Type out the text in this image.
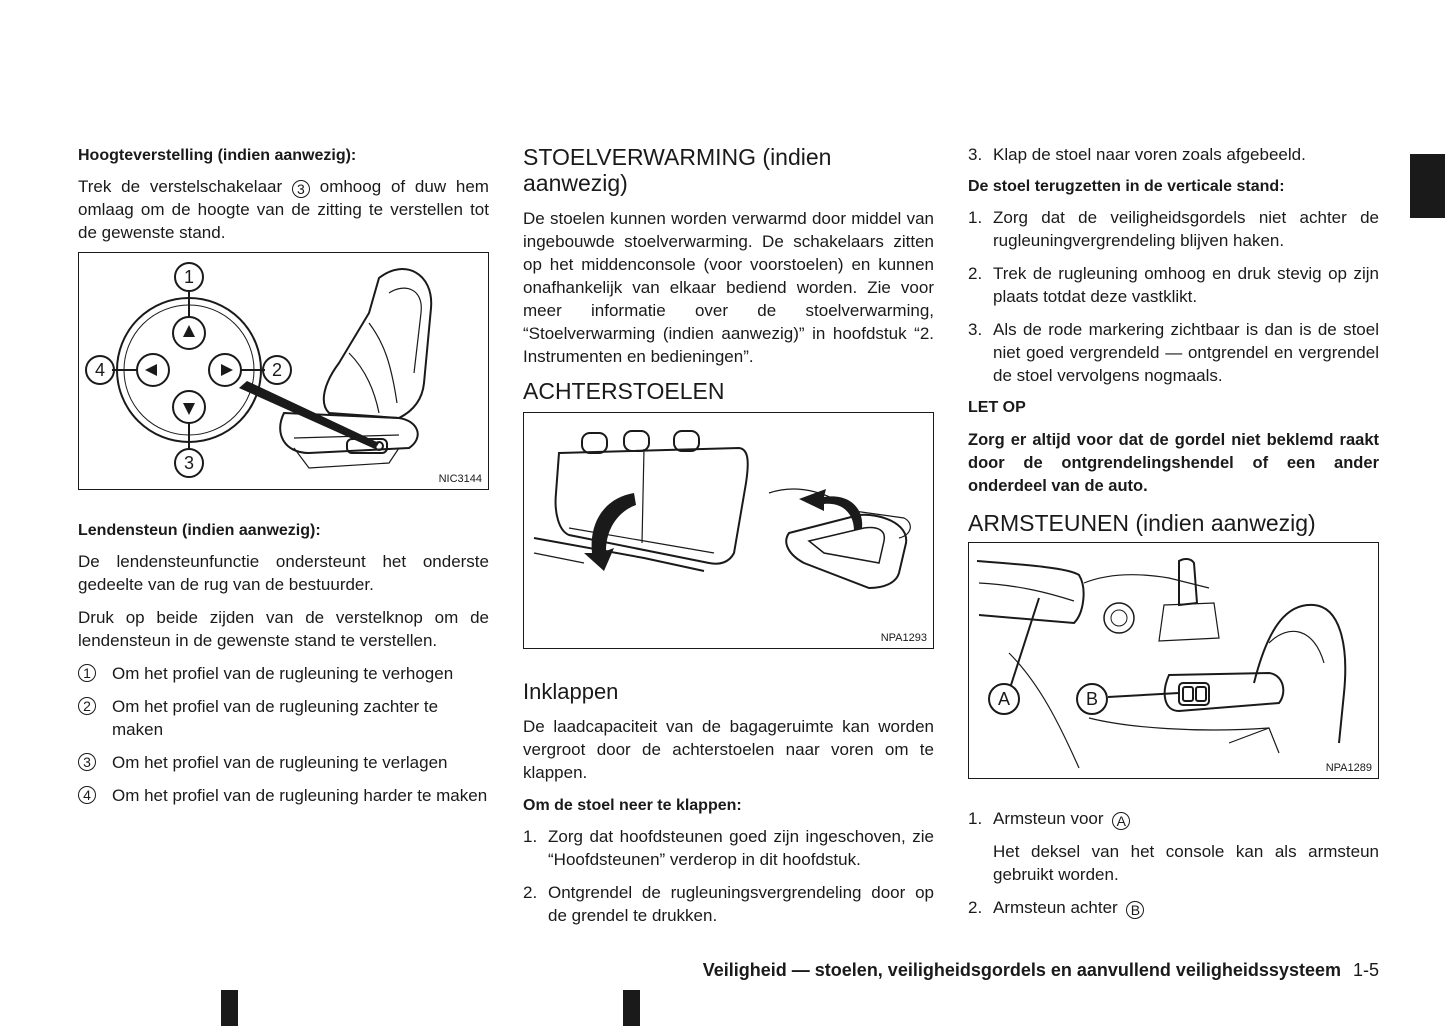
Hoogteverstelling (indien aanwezig):

Trek de verstelschakelaar 3 omhoog of duw hem omlaag om de hoogte van de zitting te verstellen tot de gewenste stand.

1
2
3
4
NIC3144

Lendensteun (indien aanwezig):

De lendensteunfunctie ondersteunt het onderste gedeelte van de rug van de bestuurder.

Druk op beide zijden van de verstelknop om de lendensteun in de gewenste stand te verstellen.

1	Om het profiel van de rugleuning te verhogen

2	Om het profiel van de rugleuning zachter te maken

3	Om het profiel van de rugleuning te verlagen

4	Om het profiel van de rugleuning harder te maken

STOELVERWARMING (indien aanwezig)

De stoelen kunnen worden verwarmd door middel van ingebouwde stoelverwarming. De schakelaars zitten op het middenconsole (voor voorstoelen) en kunnen onafhankelijk van elkaar bediend worden. Zie voor meer informatie over de stoelverwarming, “Stoelverwarming (indien aanwezig)” in hoofdstuk “2. Instrumenten en bedieningen”.

ACHTERSTOELEN

NPA1293

Inklappen

De laadcapaciteit van de bagageruimte kan worden vergroot door de achterstoelen naar voren om te klappen.

Om de stoel neer te klappen:

1. Zorg dat hoofdsteunen goed zijn ingeschoven, zie “Hoofdsteunen” verderop in dit hoofdstuk.

2. Ontgrendel de rugleuningsvergrendeling door op de grendel te drukken.

3. Klap de stoel naar voren zoals afgebeeld.

De stoel terugzetten in de verticale stand:

1. Zorg dat de veiligheidsgordels niet achter de rugleuningvergrendeling blijven haken.

2. Trek de rugleuning omhoog en druk stevig op zijn plaats totdat deze vastklikt.

3. Als de rode markering zichtbaar is dan is de stoel niet goed vergrendeld — ontgrendel en vergrendel de stoel vervolgens nogmaals.

LET OP

Zorg er altijd voor dat de gordel niet beklemd raakt door de ontgrendelingshendel of een ander onderdeel van de auto.

ARMSTEUNEN (indien aanwezig)

A	B
NPA1289

1. Armsteun voor A

Het deksel van het console kan als armsteun gebruikt worden.

2. Armsteun achter B

Veiligheid — stoelen, veiligheidsgordels en aanvullend veiligheidssysteem 1-5
